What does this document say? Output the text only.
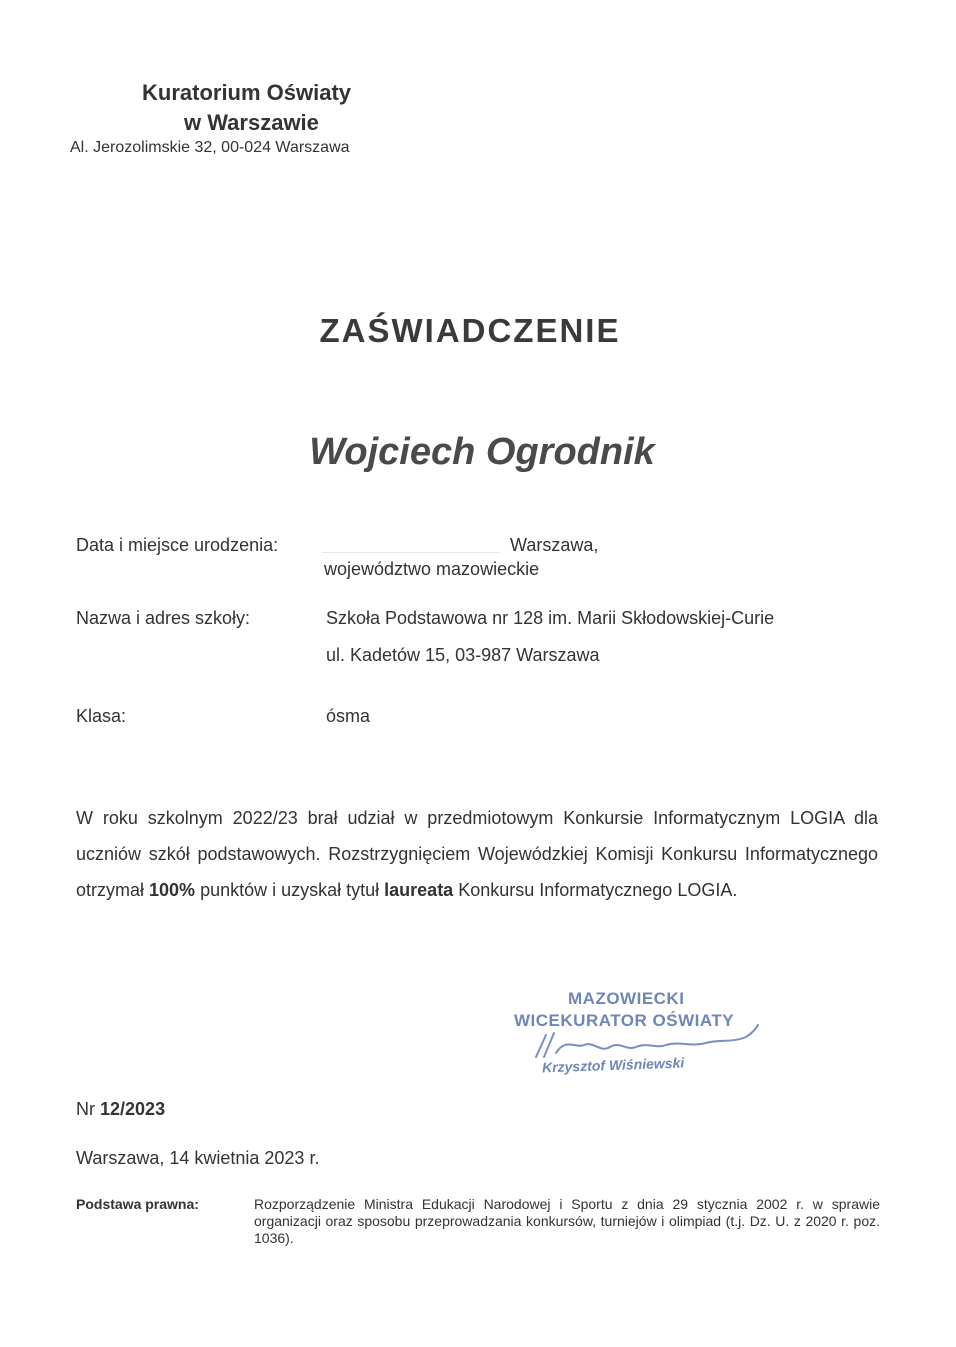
Kuratorium Oświaty
w Warszawie
Al. Jerozolimskie 32, 00-024 Warszawa
ZAŚWIADCZENIE
Wojciech Ogrodnik
Data i miejsce urodzenia:	Warszawa,
województwo mazowieckie
Nazwa i adres szkoły:	Szkoła Podstawowa nr 128 im. Marii Skłodowskiej-Curie
ul. Kadetów 15, 03-987 Warszawa
Klasa:	ósma
W roku szkolnym 2022/23 brał udział w przedmiotowym Konkursie Informatycznym LOGIA dla uczniów szkół podstawowych. Rozstrzygnięciem Wojewódzkiej Komisji Konkursu Informatycznego otrzymał 100% punktów i uzyskał tytuł laureata Konkursu Informatycznego LOGIA.
MAZOWIECKI
WICEKURATOR OŚWIATY
Krzysztof Wiśniewski
Nr 12/2023
Warszawa, 14 kwietnia 2023 r.
Podstawa prawna:	Rozporządzenie Ministra Edukacji Narodowej i Sportu z dnia 29 stycznia 2002 r. w sprawie organizacji oraz sposobu przeprowadzania konkursów, turniejów i olimpiad (t.j. Dz. U. z 2020 r. poz. 1036).
